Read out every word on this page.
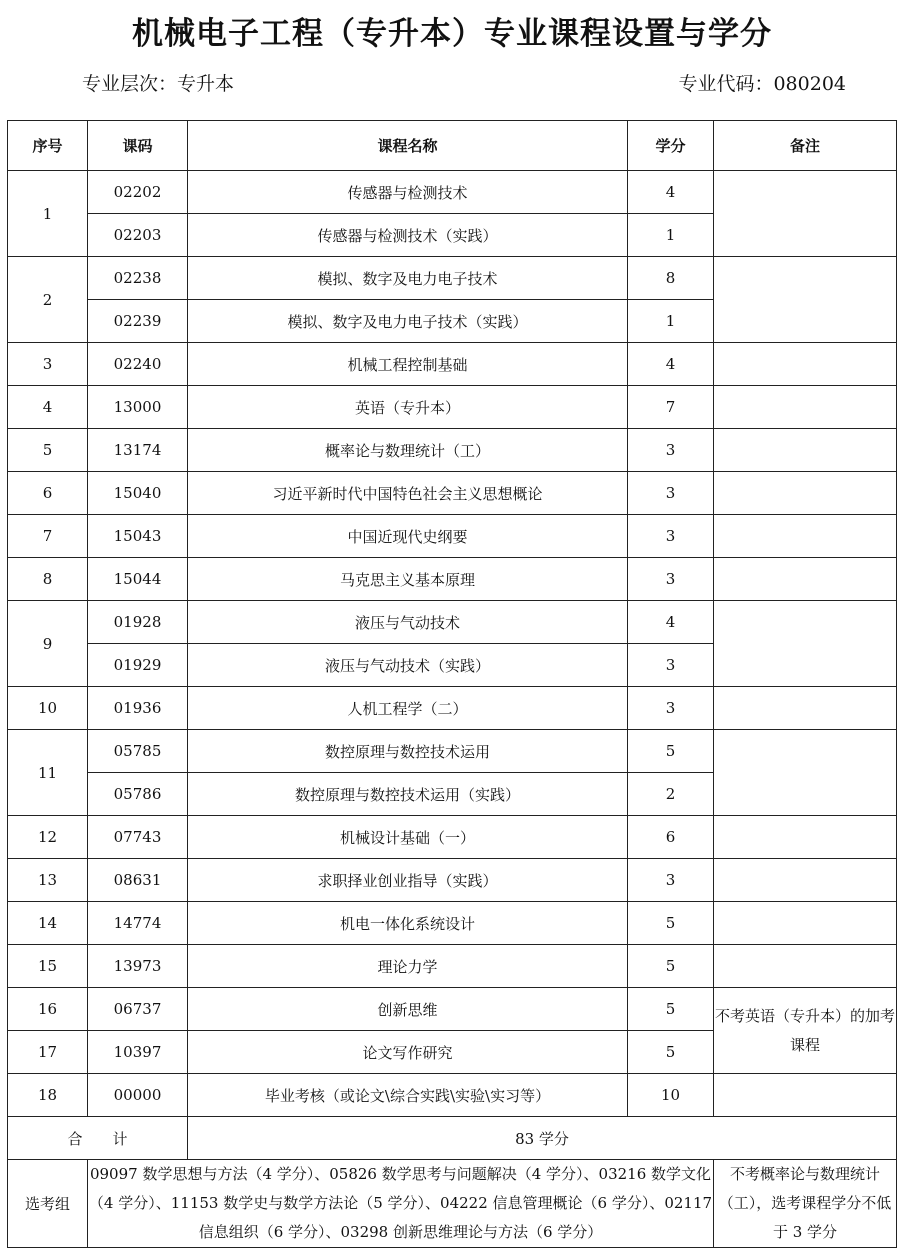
机械电子工程（专升本）专业课程设置与学分
专业层次：专升本	专业代码：080204
序号	课码	课程名称	学分	备注
1	02202	传感器与检测技术	4	
	02203	传感器与检测技术（实践）	1	
2	02238	模拟、数字及电力电子技术	8	
	02239	模拟、数字及电力电子技术（实践）	1	
3	02240	机械工程控制基础	4	
4	13000	英语（专升本）	7	
5	13174	概率论与数理统计（工）	3	
6	15040	习近平新时代中国特色社会主义思想概论	3	
7	15043	中国近现代史纲要	3	
8	15044	马克思主义基本原理	3	
9	01928	液压与气动技术	4	
	01929	液压与气动技术（实践）	3	
10	01936	人机工程学（二）	3	
11	05785	数控原理与数控技术运用	5	
	05786	数控原理与数控技术运用（实践）	2	
12	07743	机械设计基础（一）	6	
13	08631	求职择业创业指导（实践）	3	
14	14774	机电一体化系统设计	5	
15	13973	理论力学	5	
16	06737	创新思维	5	不考英语（专升本）的加考课程
17	10397	论文写作研究	5	
18	00000	毕业考核（或论文\综合实践\实验\实习等）	10	
合　　计		83 学分		
选考组	09097 数学思想与方法（4 学分）、05826 数学思考与问题解决（4 学分）、03216 数学文化（4 学分）、11153 数学史与数学方法论（5 学分）、04222 信息管理概论（6 学分）、02117 信息组织（6 学分）、03298 创新思维理论与方法（6 学分）			不考概率论与数理统计（工），选考课程学分不低于 3 学分
